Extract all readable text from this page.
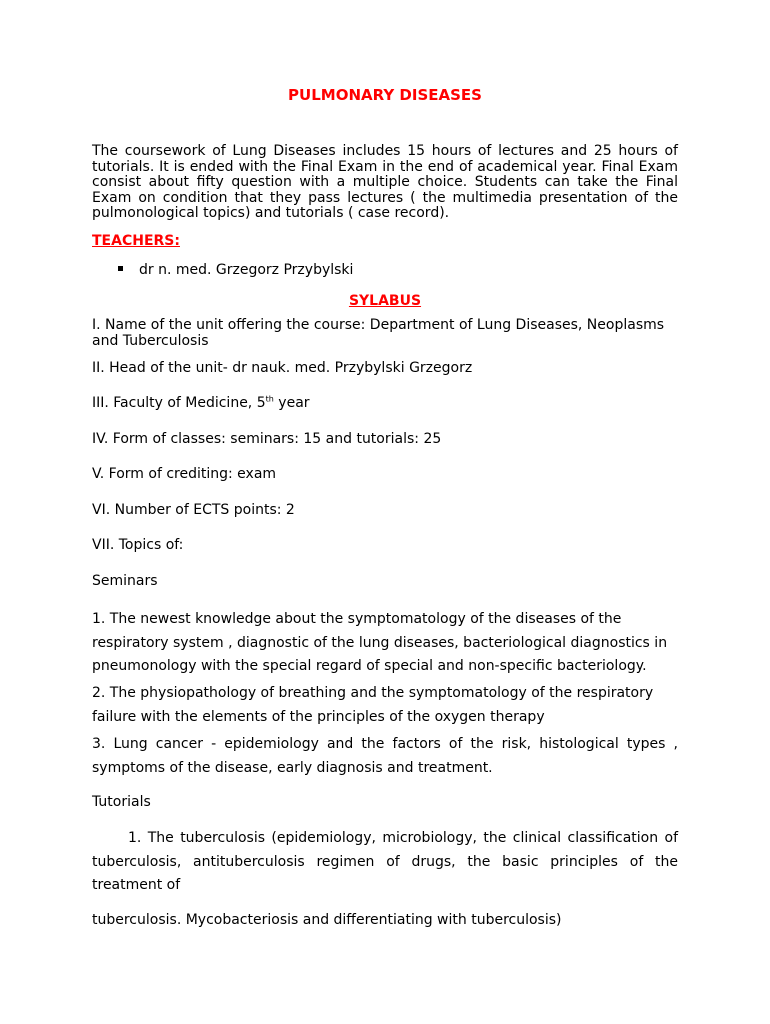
PULMONARY DISEASES
The coursework of Lung Diseases includes 15 hours of lectures and 25 hours of tutorials. It is ended with the Final Exam in the end of academical year. Final Exam consist about fifty question with a multiple choice. Students can take the Final Exam on condition that they pass lectures ( the multimedia presentation of the pulmonological topics) and tutorials ( case record).
TEACHERS:
dr n. med. Grzegorz Przybylski
SYLABUS
I. Name of the unit offering the course: Department of Lung Diseases, Neoplasms and Tuberculosis
II. Head of the unit- dr nauk. med. Przybylski Grzegorz
III. Faculty of Medicine, 5th year
IV. Form of classes: seminars: 15 and tutorials: 25
V. Form of crediting: exam
VI. Number of ECTS points: 2
VII. Topics of:
Seminars
1. The newest knowledge about the symptomatology of the diseases of the respiratory system , diagnostic of the lung diseases, bacteriological diagnostics in pneumonology with the special regard of special and non-specific bacteriology.
2. The physiopathology of breathing and the symptomatology of the respiratory failure with the elements of the principles of the oxygen therapy
3. Lung cancer - epidemiology and the factors of the risk, histological types , symptoms of the disease, early diagnosis and treatment.
Tutorials
1. The tuberculosis (epidemiology, microbiology, the clinical classification of tuberculosis, antituberculosis regimen of drugs, the basic principles of the treatment of
tuberculosis. Mycobacteriosis and differentiating with tuberculosis)
